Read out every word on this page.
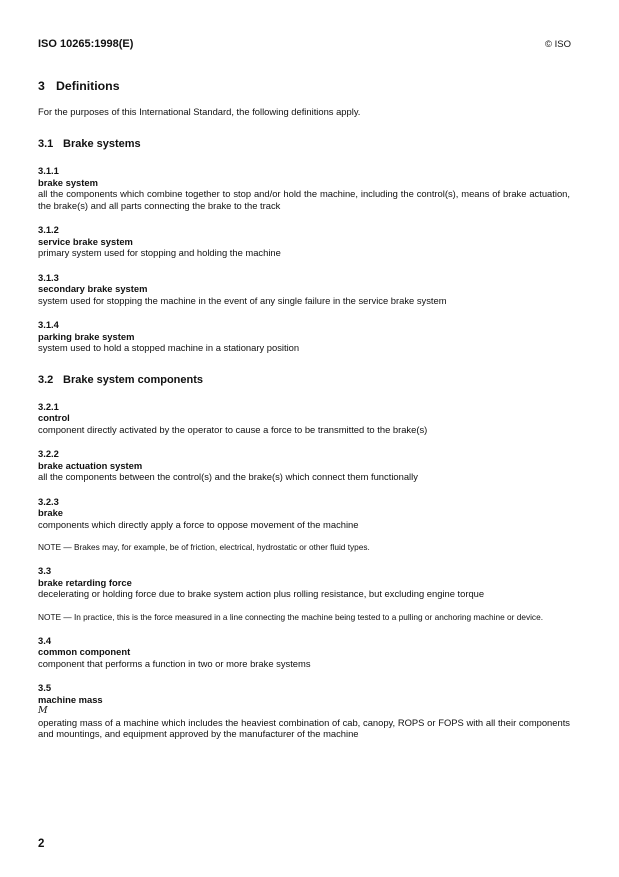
ISO 10265:1998(E)	© ISO
3 Definitions

For the purposes of this International Standard, the following definitions apply.

3.1 Brake systems
3.1.1
brake system
all the components which combine together to stop and/or hold the machine, including the control(s), means of brake actuation, the brake(s) and all parts connecting the brake to the track
3.1.2
service brake system
primary system used for stopping and holding the machine
3.1.3
secondary brake system
system used for stopping the machine in the event of any single failure in the service brake system
3.1.4
parking brake system
system used to hold a stopped machine in a stationary position
3.2 Brake system components
3.2.1
control
component directly activated by the operator to cause a force to be transmitted to the brake(s)
3.2.2
brake actuation system
all the components between the control(s) and the brake(s) which connect them functionally
3.2.3
brake
components which directly apply a force to oppose movement of the machine
NOTE — Brakes may, for example, be of friction, electrical, hydrostatic or other fluid types.
3.3
brake retarding force
decelerating or holding force due to brake system action plus rolling resistance, but excluding engine torque
NOTE — In practice, this is the force measured in a line connecting the machine being tested to a pulling or anchoring machine or device.
3.4
common component
component that performs a function in two or more brake systems
3.5
machine mass
M
operating mass of a machine which includes the heaviest combination of cab, canopy, ROPS or FOPS with all their components and mountings, and equipment approved by the manufacturer of the machine
2
